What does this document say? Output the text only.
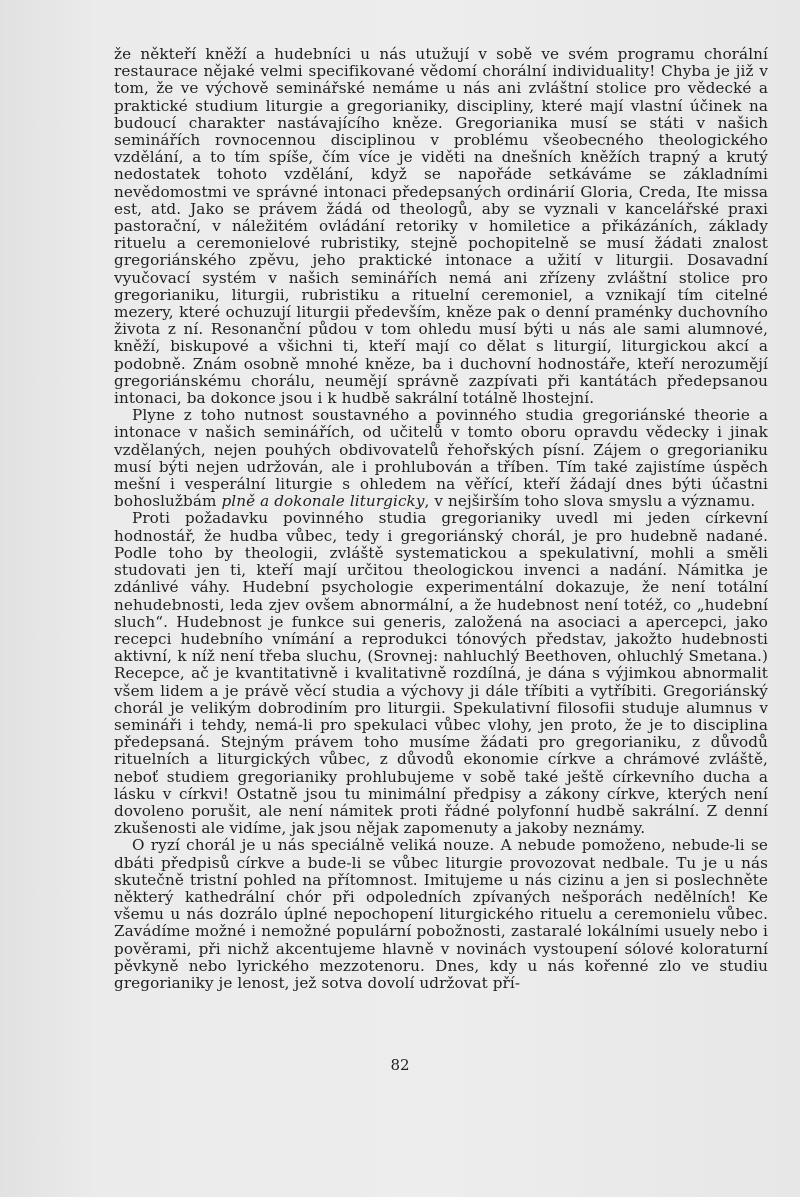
že někteří kněží a hudebníci u nás utužují v sobě ve svém programu chorální restaurace nějaké velmi specifikované vědomí chorální individuality! Chyba je již v tom, že ve výchově seminářské nemáme u nás ani zvláštní stolice pro vědecké a praktické studium liturgie a gregorianiky, discipliny, které mají vlastní účinek na budoucí charakter nastávajícího kněze. Gregorianika musí se státi v našich seminářích rovnocennou disciplinou v problému všeobecného theologického vzdělání, a to tím spíše, čím více je viděti na dnešních kněžích trapný a krutý nedostatek tohoto vzdělání, když se napořáde setkáváme se základními nevědomostmi ve správné intonaci předepsaných ordinárií Gloria, Creda, Ite missa est, atd. Jako se právem žádá od theologů, aby se vyznali v kancelářské praxi pastorační, v náležitém ovládání retoriky v homiletice a přikázáních, základy rituelu a ceremonielové rubristiky, stejně pochopitelně se musí žádati znalost gregoriánského zpěvu, jeho praktické intonace a užití v liturgii. Dosavadní vyučovací systém v našich seminářích nemá ani zřízeny zvláštní stolice pro gregorianiku, liturgii, rubristiku a rituelní ceremoniel, a vznikají tím citelné mezery, které ochuzují liturgii především, kněze pak o denní praménky duchovního života z ní. Resonanční půdou v tom ohledu musí býti u nás ale sami alumnové, kněží, biskupové a všichni ti, kteří mají co dělat s liturgií, liturgickou akcí a podobně. Znám osobně mnohé kněze, ba i duchovní hodnostáře, kteří nerozumějí gregoriánskému chorálu, neumějí správně zazpívati při kantátách předepsanou intonaci, ba dokonce jsou i k hudbě sakrální totálně lhostejní.

Plyne z toho nutnost soustavného a povinného studia gregoriánské theorie a intonace v našich seminářích, od učitelů v tomto oboru opravdu vědecky i jinak vzdělaných, nejen pouhých obdivovatelů řehořských písní. Zájem o gregorianiku musí býti nejen udržován, ale i prohlubován a tříben. Tím také zajistíme úspěch mešní i vesperální liturgie s ohledem na věřící, kteří žádají dnes býti účastni bohoslužbám plně a dokonale liturgicky, v nejširším toho slova smyslu a významu.

Proti požadavku povinného studia gregorianiky uvedl mi jeden církevní hodnostář, že hudba vůbec, tedy i gregoriánský chorál, je pro hudebně nadané. Podle toho by theologii, zvláště systematickou a spekulativní, mohli a směli studovati jen ti, kteří mají určitou theologickou invenci a nadání. Námitka je zdánlivé váhy. Hudební psychologie experimentální dokazuje, že není totální nehudebnosti, leda zjev ovšem abnormální, a že hudebnost není totéž, co „hudební sluch“. Hudebnost je funkce sui generis, založená na asociaci a apercepci, jako recepci hudebního vnímání a reprodukci tónových představ, jakožto hudebnosti aktivní, k níž není třeba sluchu, (Srovnej: nahluchlý Beethoven, ohluchlý Smetana.) Recepce, ač je kvantitativně i kvalitativně rozdílná, je dána s výjimkou abnormalit všem lidem a je právě věcí studia a výchovy ji dále tříbiti a vytříbiti. Gregoriánský chorál je velikým dobrodiním pro liturgii. Spekulativní filosofii studuje alumnus v semináři i tehdy, nemá-li pro spekulaci vůbec vlohy, jen proto, že je to disciplina předepsaná. Stejným právem toho musíme žádati pro gregorianiku, z důvodů rituelních a liturgických vůbec, z důvodů ekonomie církve a chrámové zvláště, neboť studiem gregorianiky prohlubujeme v sobě také ještě církevního ducha a lásku v církvi! Ostatně jsou tu minimální předpisy a zákony církve, kterých není dovoleno porušit, ale není námitek proti řádné polyfonní hudbě sakrální. Z denní zkušenosti ale vidíme, jak jsou nějak zapomenuty a jakoby neznámy.

O ryzí chorál je u nás speciálně veliká nouze. A nebude pomoženo, nebude-li se dbáti předpisů církve a bude-li se vůbec liturgie provozovat nedbale. Tu je u nás skutečně tristní pohled na přítomnost. Imitujeme u nás cizinu a jen si poslechněte některý kathedrální chór při odpoledních zpívaných nešporách nedělních! Ke všemu u nás dozrálo úplné nepochopení liturgického rituelu a ceremonielu vůbec. Zavádíme možné i nemožné populární pobožnosti, zastaralé lokálními usuely nebo i pověrami, při nichž akcentujeme hlavně v novinách vystoupení sólové koloraturní pěvkyně nebo lyrického mezzotenoru. Dnes, kdy u nás kořenné zlo ve studiu gregorianiky je lenost, jež sotva dovolí udržovat pří-

82
